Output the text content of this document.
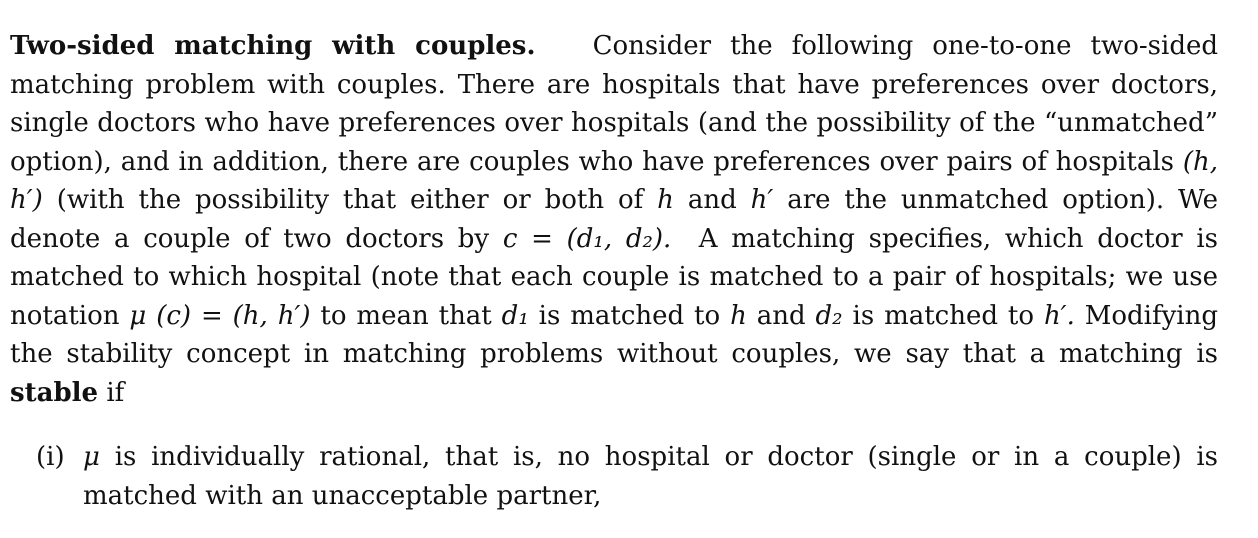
Two-sided matching with couples. Consider the following one-to-one two-sided matching problem with couples. There are hospitals that have preferences over doctors, single doctors who have preferences over hospitals (and the possibility of the “unmatched” option), and in addition, there are couples who have preferences over pairs of hospitals (h, h′) (with the possibility that either or both of h and h′ are the unmatched option). We denote a couple of two doctors by c = (d₁, d₂). A matching specifies, which doctor is matched to which hospital (note that each couple is matched to a pair of hospitals; we use notation μ (c) = (h, h′) to mean that d₁ is matched to h and d₂ is matched to h′. Modifying the stability concept in matching problems without couples, we say that a matching is stable if

(i) μ is individually rational, that is, no hospital or doctor (single or in a couple) is matched with an unacceptable partner,
